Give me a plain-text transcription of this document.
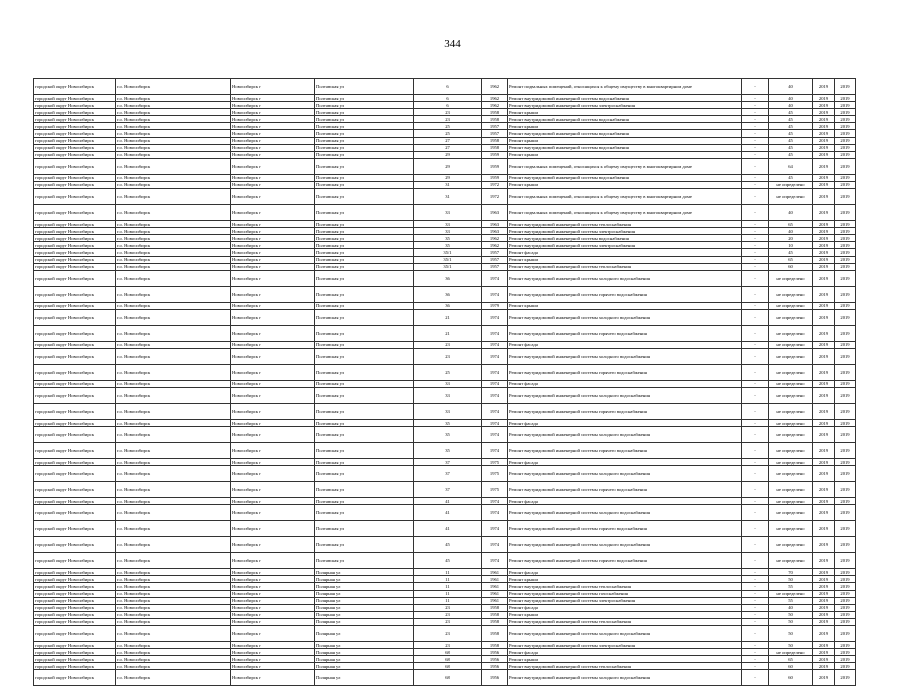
344
городской округ Новосибирск	г.о. Новосибирск	Новосибирск г	Полтавская ул	6	1962	Ремонт подвальных помещений, относящихся к общему имуществу в многоквартирном доме	-	40	2019	2019
городской округ Новосибирск	г.о. Новосибирск	Новосибирск г	Полтавская ул	6	1962	Ремонт внутридомовой инженерной системы водоснабжения	-	40	2019	2019
городской округ Новосибирск	г.о. Новосибирск	Новосибирск г	Полтавская ул	6	1962	Ремонт внутридомовой инженерной системы электроснабжения	-	40	2019	2019
городской округ Новосибирск	г.о. Новосибирск	Новосибирск г	Полтавская ул	23	1958	Ремонт крыши	-	45	2019	2019
городской округ Новосибирск	г.о. Новосибирск	Новосибирск г	Полтавская ул	23	1958	Ремонт внутридомовой инженерной системы водоснабжения	-	45	2019	2019
городской округ Новосибирск	г.о. Новосибирск	Новосибирск г	Полтавская ул	25	1957	Ремонт крыши	-	45	2019	2019
городской округ Новосибирск	г.о. Новосибирск	Новосибирск г	Полтавская ул	25	1957	Ремонт внутридомовой инженерной системы водоснабжения	-	45	2019	2019
городской округ Новосибирск	г.о. Новосибирск	Новосибирск г	Полтавская ул	27	1958	Ремонт крыши	-	45	2019	2019
городской округ Новосибирск	г.о. Новосибирск	Новосибирск г	Полтавская ул	27	1958	Ремонт внутридомовой инженерной системы водоснабжения	-	45	2019	2019
городской округ Новосибирск	г.о. Новосибирск	Новосибирск г	Полтавская ул	29	1959	Ремонт крыши	-	45	2019	2019
городской округ Новосибирск	г.о. Новосибирск	Новосибирск г	Полтавская ул	29	1959	Ремонт подвальных помещений, относящихся к общему имуществу в многоквартирном доме	-	64	2019	2019
городской округ Новосибирск	г.о. Новосибирск	Новосибирск г	Полтавская ул	29	1959	Ремонт внутридомовой инженерной системы водоснабжения	-	45	2019	2019
городской округ Новосибирск	г.о. Новосибирск	Новосибирск г	Полтавская ул	31	1972	Ремонт крыши	-	не определено	2019	2019
городской округ Новосибирск	г.о. Новосибирск	Новосибирск г	Полтавская ул	31	1972	Ремонт подвальных помещений, относящихся к общему имуществу в многоквартирном доме	-	не определено	2019	2019
городской округ Новосибирск	г.о. Новосибирск	Новосибирск г	Полтавская ул	33	1963	Ремонт подвальных помещений, относящихся к общему имуществу в многоквартирном доме	-	40	2019	2019
городской округ Новосибирск	г.о. Новосибирск	Новосибирск г	Полтавская ул	33	1963	Ремонт внутридомовой инженерной системы теплоснабжения	-	65	2019	2019
городской округ Новосибирск	г.о. Новосибирск	Новосибирск г	Полтавская ул	33	1963	Ремонт внутридомовой инженерной системы электроснабжения	-	40	2019	2019
городской округ Новосибирск	г.о. Новосибирск	Новосибирск г	Полтавская ул	35	1962	Ремонт внутридомовой инженерной системы водоснабжения	-	20	2019	2019
городской округ Новосибирск	г.о. Новосибирск	Новосибирск г	Полтавская ул	35	1962	Ремонт внутридомовой инженерной системы электроснабжения	-	10	2019	2019
городской округ Новосибирск	г.о. Новосибирск	Новосибирск г	Полтавская ул	35/1	1957	Ремонт фасада	-	45	2019	2019
городской округ Новосибирск	г.о. Новосибирск	Новосибирск г	Полтавская ул	35/1	1957	Ремонт крыши	-	65	2019	2019
городской округ Новосибирск	г.о. Новосибирск	Новосибирск г	Полтавская ул	35/1	1957	Ремонт внутридомовой инженерной системы теплоснабжения	-	60	2019	2019
городской округ Новосибирск	г.о. Новосибирск	Новосибирск г	Полтавская ул	36	1974	Ремонт внутридомовой инженерной системы холодного водоснабжения	-	не определено	2019	2019
городской округ Новосибирск	г.о. Новосибирск	Новосибирск г	Полтавская ул	36	1974	Ремонт внутридомовой инженерной системы горячего водоснабжения	-	не определено	2019	2019
городской округ Новосибирск	г.о. Новосибирск	Новосибирск г	Полтавская ул	36	1979	Ремонт крыши	-	не определено	2019	2019
городской округ Новосибирск	г.о. Новосибирск	Новосибирск г	Полтавская ул	21	1974	Ремонт внутридомовой инженерной системы холодного водоснабжения	-	не определено	2019	2019
городской округ Новосибирск	г.о. Новосибирск	Новосибирск г	Полтавская ул	21	1974	Ремонт внутридомовой инженерной системы горячего водоснабжения	-	не определено	2019	2019
городской округ Новосибирск	г.о. Новосибирск	Новосибирск г	Полтавская ул	23	1974	Ремонт фасада	-	не определено	2019	2019
городской округ Новосибирск	г.о. Новосибирск	Новосибирск г	Полтавская ул	23	1974	Ремонт внутридомовой инженерной системы холодного водоснабжения	-	не определено	2019	2019
городской округ Новосибирск	г.о. Новосибирск	Новосибирск г	Полтавская ул	25	1974	Ремонт внутридомовой инженерной системы горячего водоснабжения	-	не определено	2019	2019
городской округ Новосибирск	г.о. Новосибирск	Новосибирск г	Полтавская ул	33	1974	Ремонт фасада	-	не определено	2019	2019
городской округ Новосибирск	г.о. Новосибирск	Новосибирск г	Полтавская ул	33	1974	Ремонт внутридомовой инженерной системы холодного водоснабжения	-	не определено	2019	2019
городской округ Новосибирск	г.о. Новосибирск	Новосибирск г	Полтавская ул	33	1974	Ремонт внутридомовой инженерной системы горячего водоснабжения	-	не определено	2019	2019
городской округ Новосибирск	г.о. Новосибирск	Новосибирск г	Полтавская ул	35	1974	Ремонт фасада	-	не определено	2019	2019
городской округ Новосибирск	г.о. Новосибирск	Новосибирск г	Полтавская ул	35	1974	Ремонт внутридомовой инженерной системы холодного водоснабжения	-	не определено	2019	2019
городской округ Новосибирск	г.о. Новосибирск	Новосибирск г	Полтавская ул	35	1974	Ремонт внутридомовой инженерной системы горячего водоснабжения	-	не определено	2019	2019
городской округ Новосибирск	г.о. Новосибирск	Новосибирск г	Полтавская ул	37	1975	Ремонт фасада	-	не определено	2019	2019
городской округ Новосибирск	г.о. Новосибирск	Новосибирск г	Полтавская ул	37	1975	Ремонт внутридомовой инженерной системы холодного водоснабжения	-	не определено	2019	2019
городской округ Новосибирск	г.о. Новосибирск	Новосибирск г	Полтавская ул	37	1975	Ремонт внутридомовой инженерной системы горячего водоснабжения	-	не определено	2019	2019
городской округ Новосибирск	г.о. Новосибирск	Новосибирск г	Полтавская ул	41	1974	Ремонт фасада	-	не определено	2019	2019
городской округ Новосибирск	г.о. Новосибирск	Новосибирск г	Полтавская ул	41	1974	Ремонт внутридомовой инженерной системы холодного водоснабжения	-	не определено	2019	2019
городской округ Новосибирск	г.о. Новосибирск	Новосибирск г	Полтавская ул	41	1974	Ремонт внутридомовой инженерной системы горячего водоснабжения	-	не определено	2019	2019
городской округ Новосибирск	г.о. Новосибирск	Новосибирск г	Полтавская ул	45	1974	Ремонт внутридомовой инженерной системы холодного водоснабжения	-	не определено	2019	2019
городской округ Новосибирск	г.о. Новосибирск	Новосибирск г	Полтавская ул	45	1974	Ремонт внутридомовой инженерной системы горячего водоснабжения	-	не определено	2019	2019
городской округ Новосибирск	г.о. Новосибирск	Новосибирск г	Полярная ул	11	1961	Ремонт фасада	-	70	2019	2019
городской округ Новосибирск	г.о. Новосибирск	Новосибирск г	Полярная ул	11	1961	Ремонт крыши	-	50	2019	2019
городской округ Новосибирск	г.о. Новосибирск	Новосибирск г	Полярная ул	11	1961	Ремонт внутридомовой инженерной системы теплоснабжения	-	55	2019	2019
городской округ Новосибирск	г.о. Новосибирск	Новосибирск г	Полярная ул	11	1961	Ремонт внутридомовой инженерной системы газоснабжения	-	не определено	2019	2019
городской округ Новосибирск	г.о. Новосибирск	Новосибирск г	Полярная ул	11	1961	Ремонт внутридомовой инженерной системы электроснабжения	-	55	2019	2019
городской округ Новосибирск	г.о. Новосибирск	Новосибирск г	Полярная ул	23	1958	Ремонт фасада	-	40	2019	2019
городской округ Новосибирск	г.о. Новосибирск	Новосибирск г	Полярная ул	23	1958	Ремонт крыши	-	50	2019	2019
городской округ Новосибирск	г.о. Новосибирск	Новосибирск г	Полярная ул	23	1958	Ремонт внутридомовой инженерной системы теплоснабжения	-	50	2019	2019
городской округ Новосибирск	г.о. Новосибирск	Новосибирск г	Полярная ул	23	1958	Ремонт внутридомовой инженерной системы холодного водоснабжения	-	50	2019	2019
городской округ Новосибирск	г.о. Новосибирск	Новосибирск г	Полярная ул	23	1958	Ремонт внутридомовой инженерной системы электроснабжения	-	50	2019	2019
городской округ Новосибирск	г.о. Новосибирск	Новосибирск г	Полярная ул	68	1956	Ремонт фасада	-	не определено	2019	2019
городской округ Новосибирск	г.о. Новосибирск	Новосибирск г	Полярная ул	68	1956	Ремонт крыши	-	65	2019	2019
городской округ Новосибирск	г.о. Новосибирск	Новосибирск г	Полярная ул	68	1956	Ремонт внутридомовой инженерной системы теплоснабжения	-	60	2019	2019
городской округ Новосибирск	г.о. Новосибирск	Новосибирск г	Полярная ул	68	1956	Ремонт внутридомовой инженерной системы холодного водоснабжения	-	60	2019	2019
